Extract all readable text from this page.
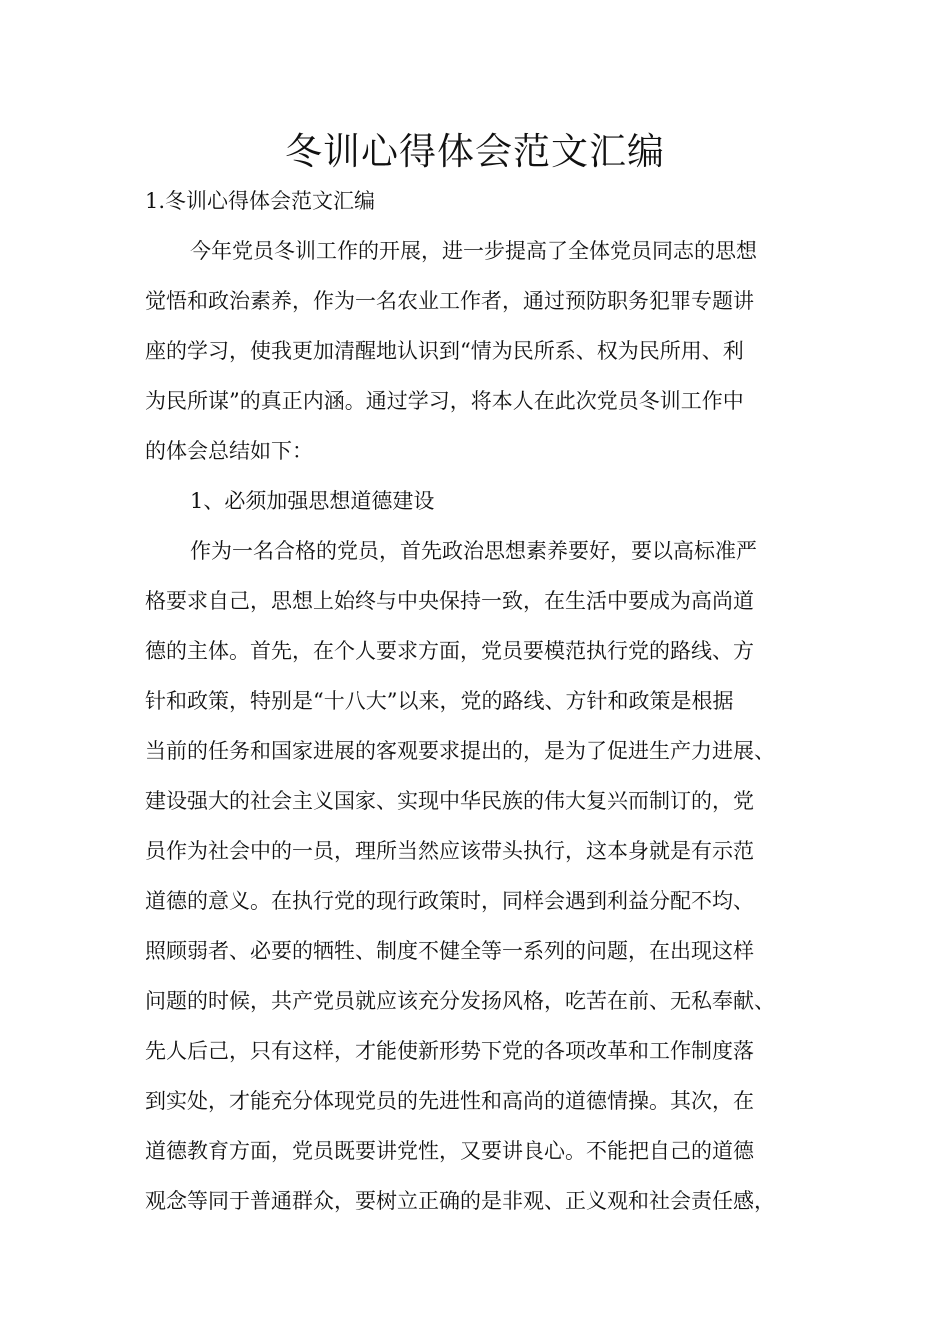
冬训心得体会范文汇编

1.冬训心得体会范文汇编

今年党员冬训工作的开展，进一步提高了全体党员同志的思想

觉悟和政治素养，作为一名农业工作者，通过预防职务犯罪专题讲

座的学习，使我更加清醒地认识到“情为民所系、权为民所用、利

为民所谋”的真正内涵。通过学习，将本人在此次党员冬训工作中

的体会总结如下：

1、必须加强思想道德建设

作为一名合格的党员，首先政治思想素养要好，要以高标准严

格要求自己，思想上始终与中央保持一致，在生活中要成为高尚道

德的主体。首先，在个人要求方面，党员要模范执行党的路线、方

针和政策，特别是“十八大”以来，党的路线、方针和政策是根据

当前的任务和国家进展的客观要求提出的，是为了促进生产力进展、

建设强大的社会主义国家、实现中华民族的伟大复兴而制订的，党

员作为社会中的一员，理所当然应该带头执行，这本身就是有示范

道德的意义。在执行党的现行政策时，同样会遇到利益分配不均、

照顾弱者、必要的牺牲、制度不健全等一系列的问题，在出现这样

问题的时候，共产党员就应该充分发扬风格，吃苦在前、无私奉献、

先人后己，只有这样，才能使新形势下党的各项改革和工作制度落

到实处，才能充分体现党员的先进性和高尚的道德情操。其次，在

道德教育方面，党员既要讲党性，又要讲良心。不能把自己的道德

观念等同于普通群众，要树立正确的是非观、正义观和社会责任感，
